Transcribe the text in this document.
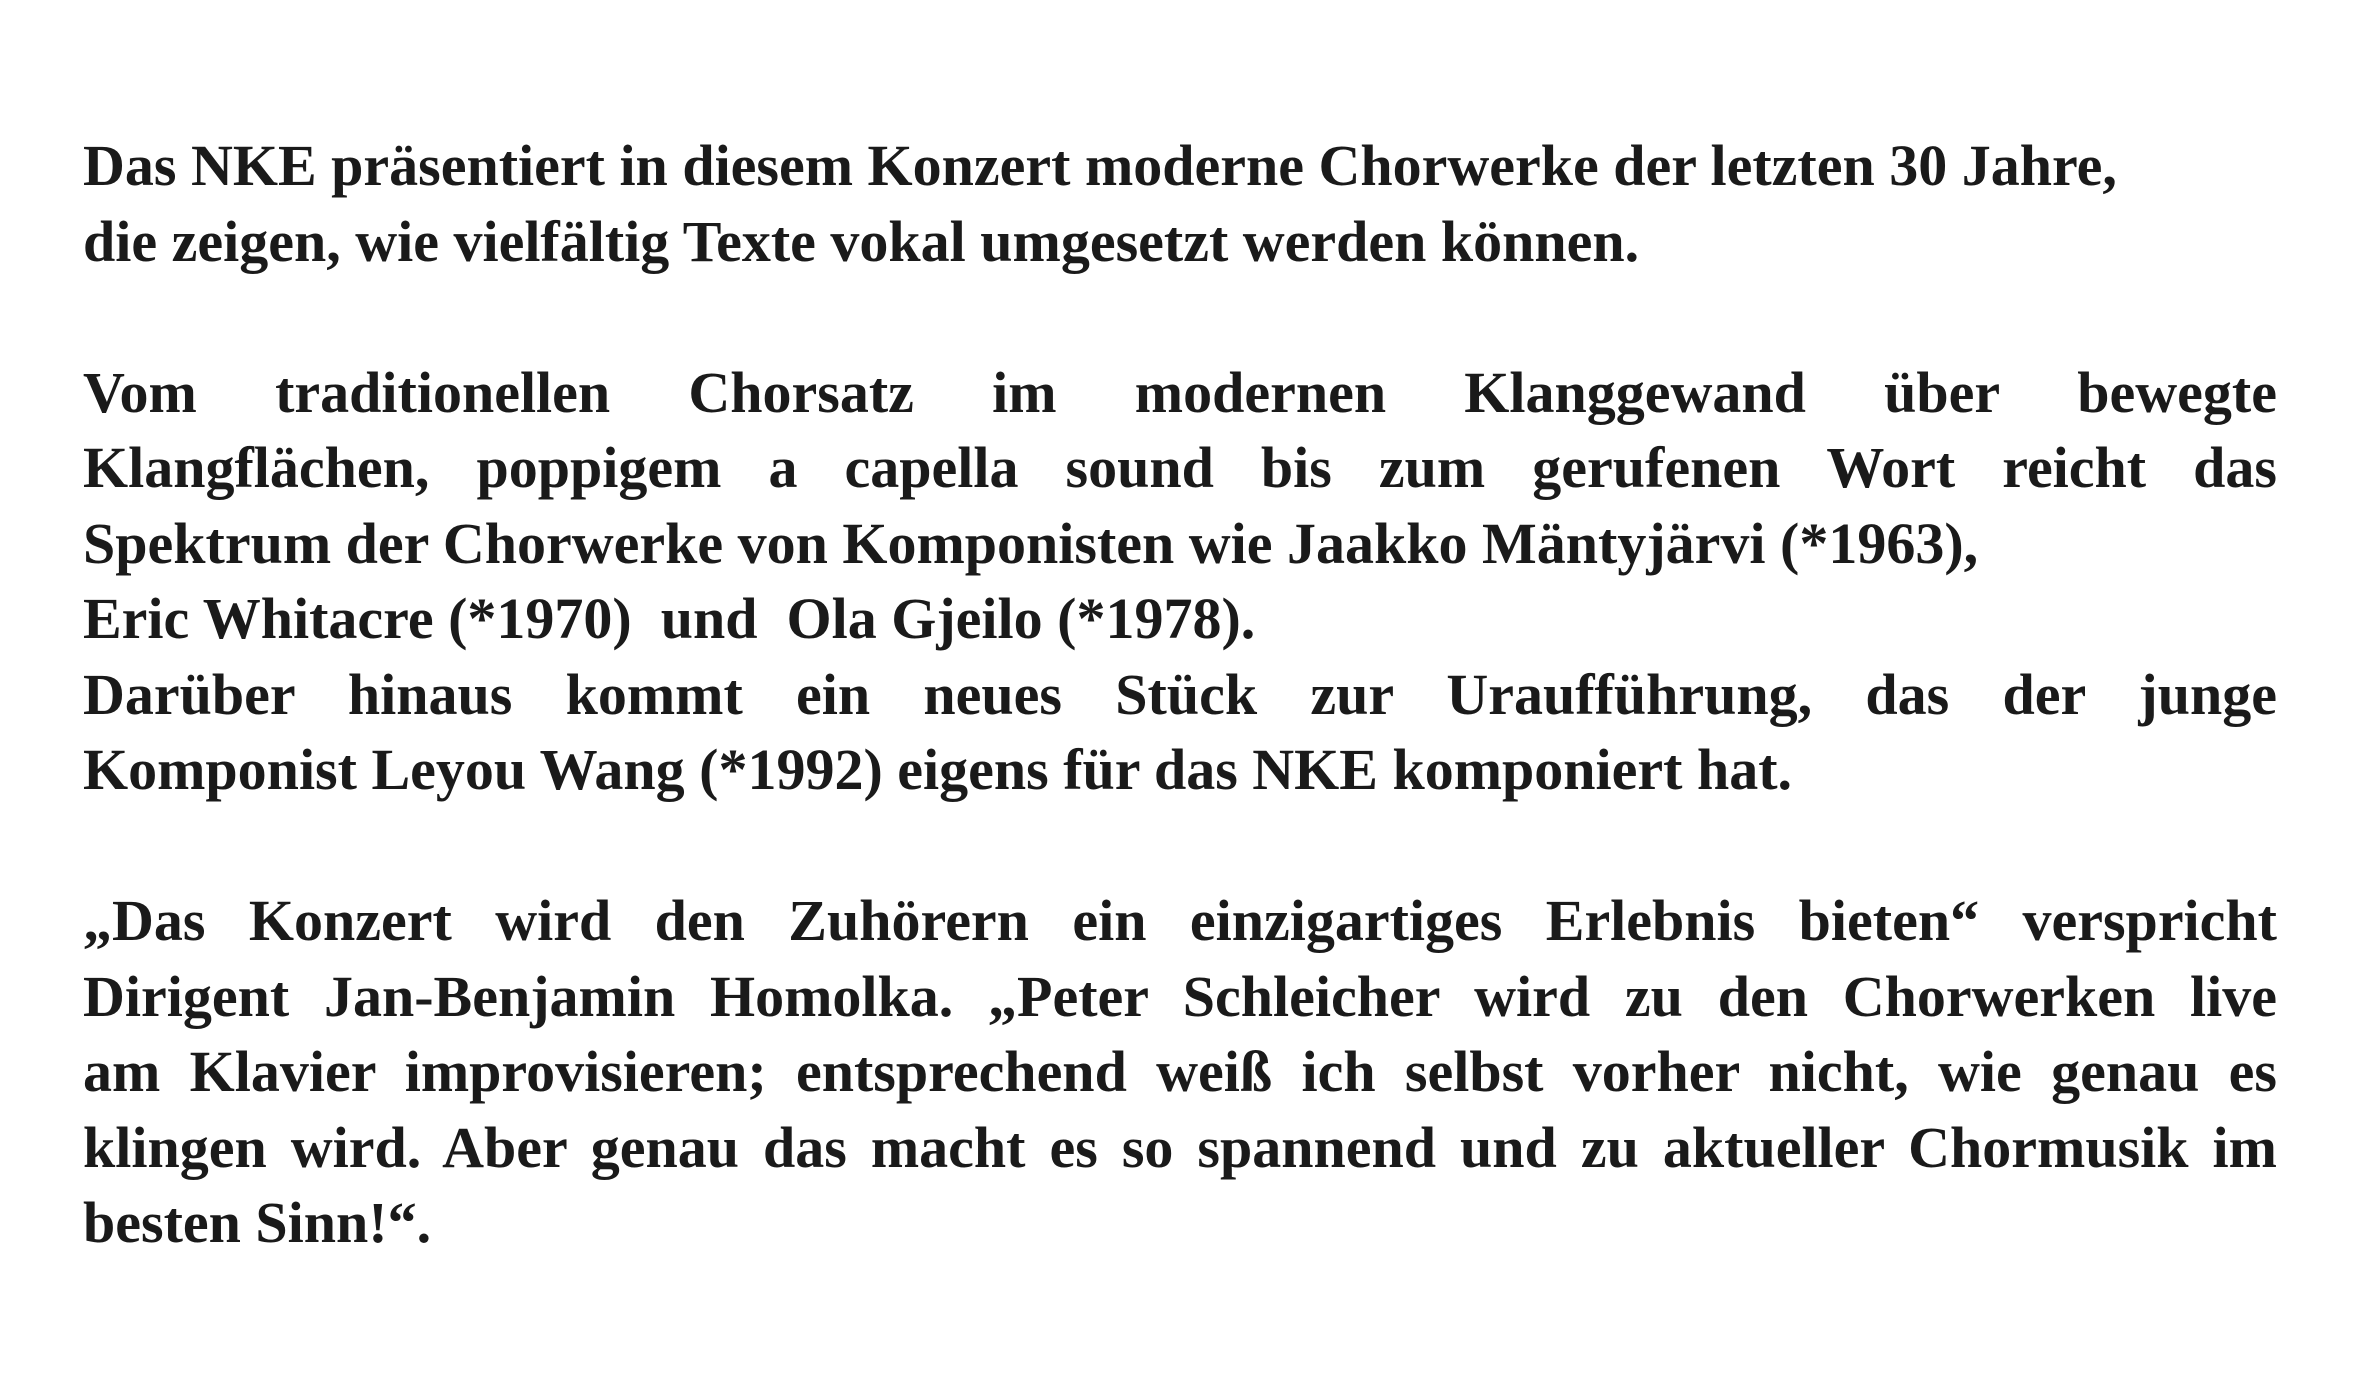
Das NKE präsentiert in diesem Konzert moderne Chorwerke der letzten 30 Jahre,
die zeigen, wie vielfältig Texte vokal umgesetzt werden können.
Vom traditionellen Chorsatz im modernen Klanggewand über bewegte
Klangflächen, poppigem a capella sound bis zum gerufenen Wort reicht das
Spektrum der Chorwerke von Komponisten wie Jaakko Mäntyjärvi (*1963),
Eric Whitacre (*1970)  und  Ola Gjeilo (*1978).
Darüber hinaus kommt ein neues Stück zur Uraufführung, das der junge
Komponist Leyou Wang (*1992) eigens für das NKE komponiert hat.
„Das Konzert wird den Zuhörern ein einzigartiges Erlebnis bieten“ verspricht
Dirigent Jan-Benjamin Homolka. „Peter Schleicher wird zu den Chorwerken live
am Klavier improvisieren; entsprechend weiß ich selbst vorher nicht, wie genau es
klingen wird. Aber genau das macht es so spannend und zu aktueller Chormusik im
besten Sinn!“.
